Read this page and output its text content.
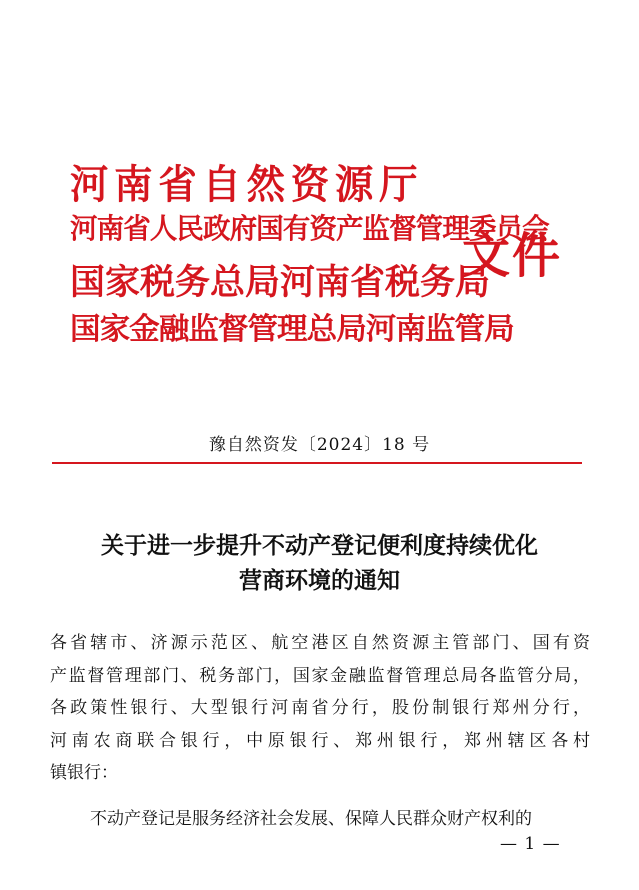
河南省自然资源厅
河南省人民政府国有资产监督管理委员会
国家税务总局河南省税务局
国家金融监督管理总局河南监管局
文件
豫自然资发〔2024〕18 号
关于进一步提升不动产登记便利度持续优化
营商环境的通知
各省辖市、济源示范区、航空港区自然资源主管部门、国有资
产监督管理部门、税务部门，国家金融监督管理总局各监管分局，
各政策性银行、大型银行河南省分行，股份制银行郑州分行，
河南农商联合银行，中原银行、郑州银行，郑州辖区各村
镇银行：
不动产登记是服务经济社会发展、保障人民群众财产权利的
— 1 —
